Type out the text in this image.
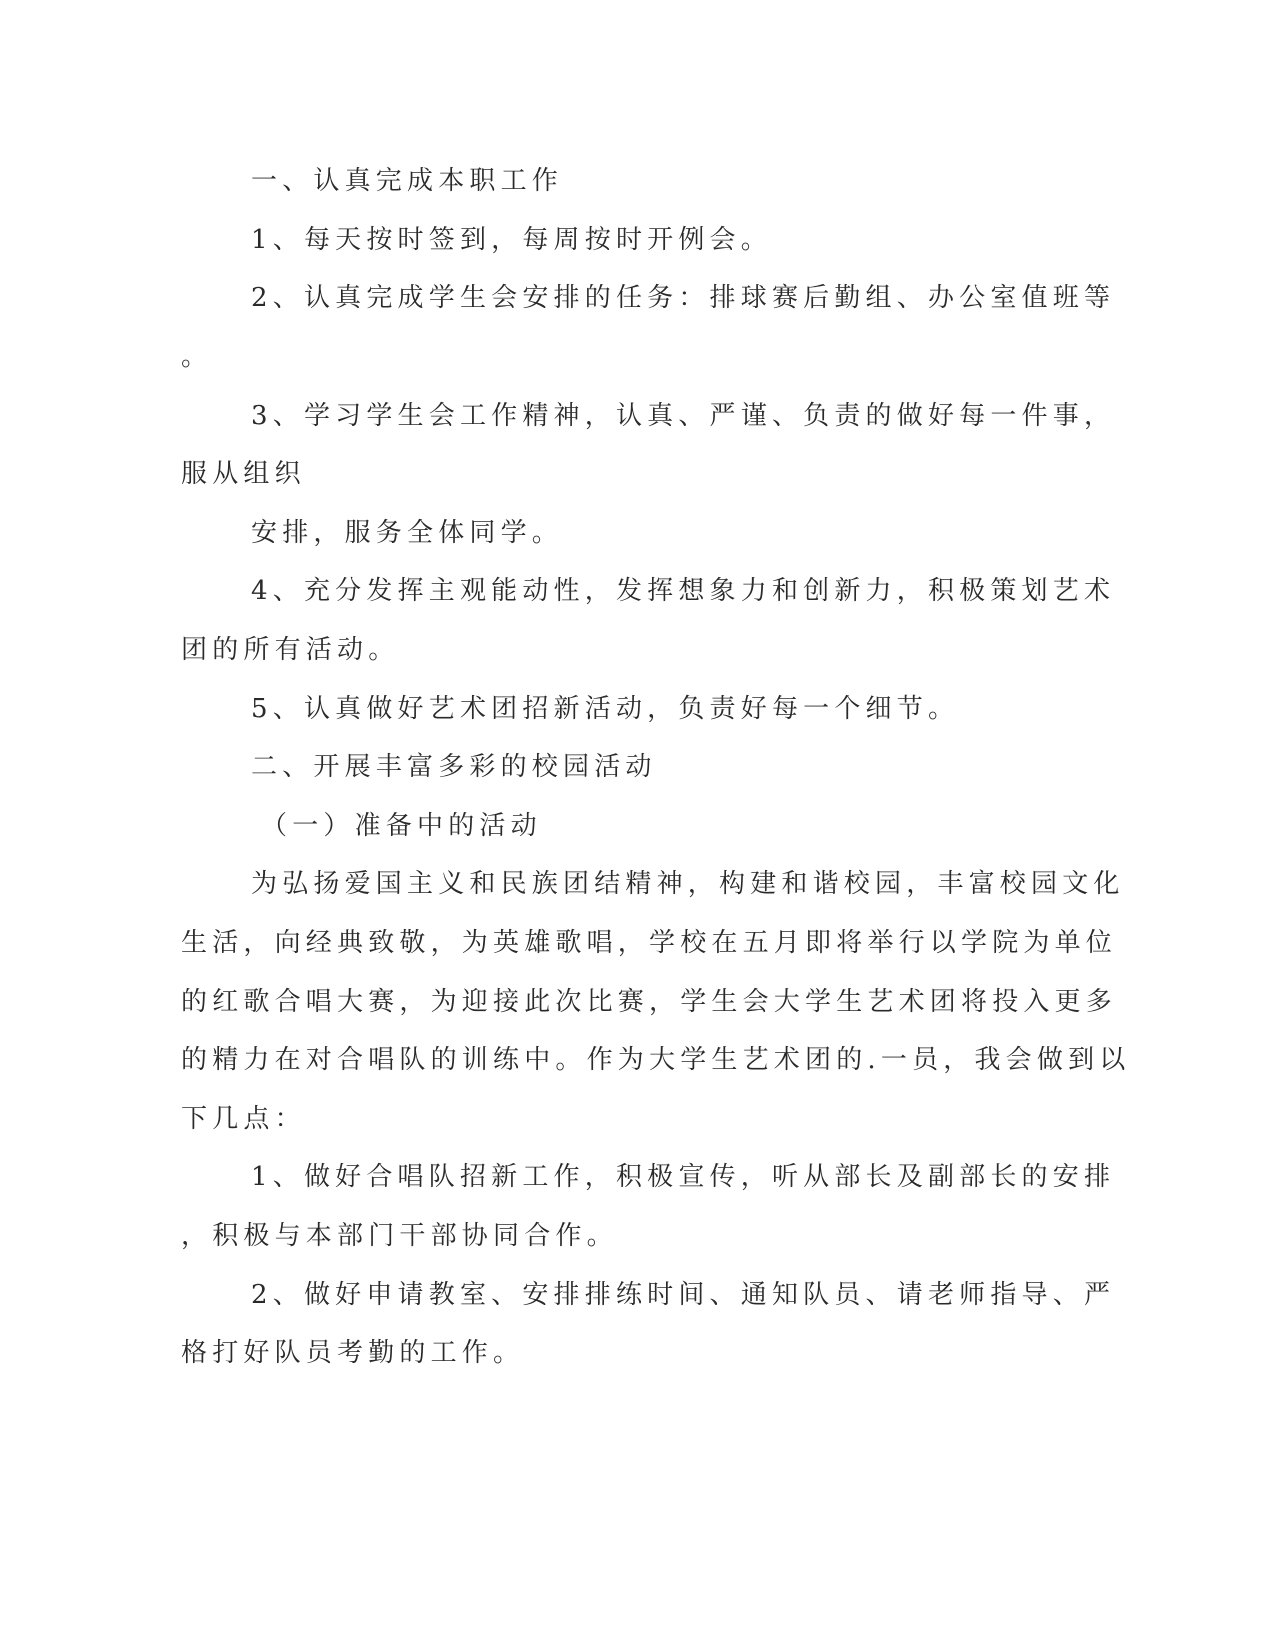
一、认真完成本职工作
1、每天按时签到，每周按时开例会。
2、认真完成学生会安排的任务：排球赛后勤组、办公室值班等
。
3、学习学生会工作精神，认真、严谨、负责的做好每一件事，
服从组织
安排，服务全体同学。
4、充分发挥主观能动性，发挥想象力和创新力，积极策划艺术
团的所有活动。
5、认真做好艺术团招新活动，负责好每一个细节。
二、开展丰富多彩的校园活动
（一）准备中的活动
为弘扬爱国主义和民族团结精神，构建和谐校园，丰富校园文化
生活，向经典致敬，为英雄歌唱，学校在五月即将举行以学院为单位
的红歌合唱大赛，为迎接此次比赛，学生会大学生艺术团将投入更多
的精力在对合唱队的训练中。作为大学生艺术团的.一员，我会做到以
下几点：
1、做好合唱队招新工作，积极宣传，听从部长及副部长的安排
，积极与本部门干部协同合作。
2、做好申请教室、安排排练时间、通知队员、请老师指导、严
格打好队员考勤的工作。
